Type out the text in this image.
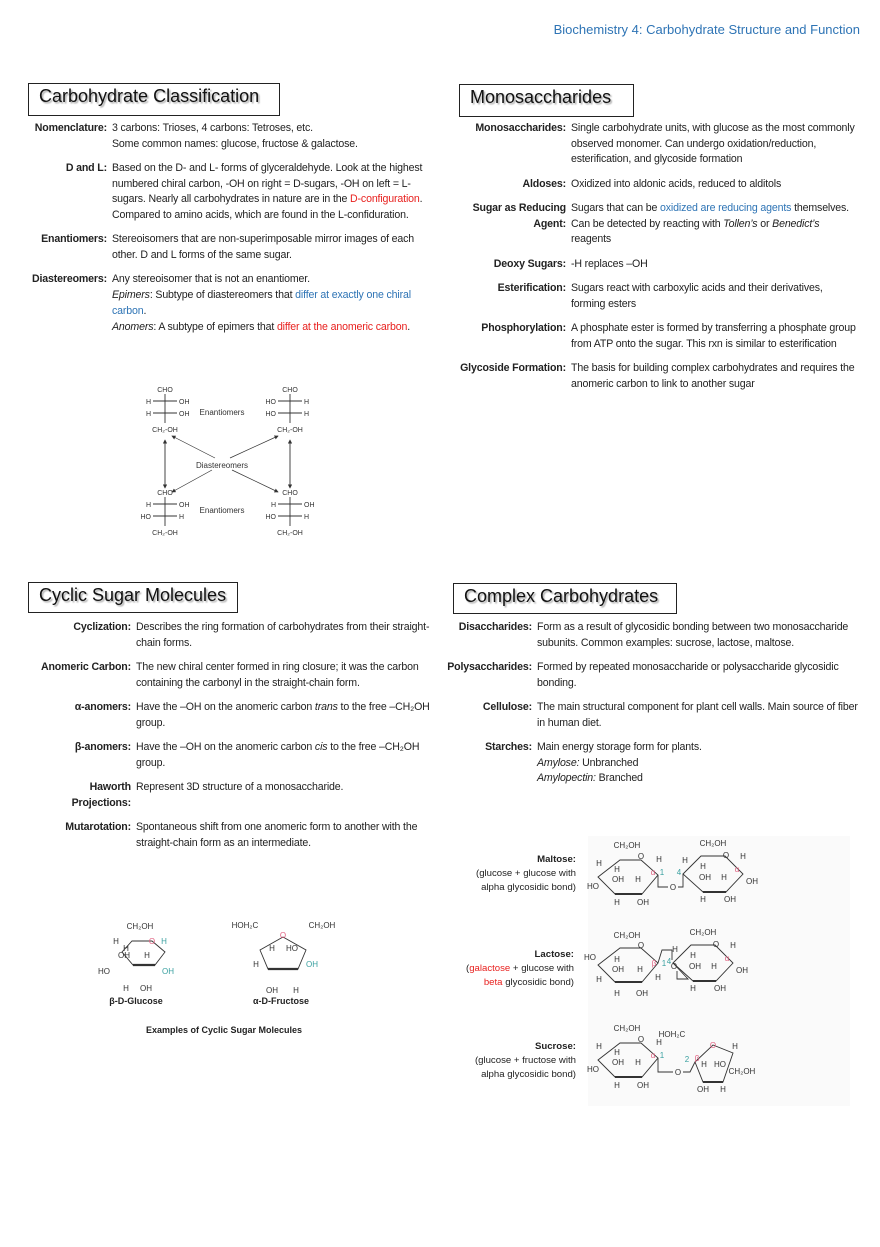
Biochemistry 4: Carbohydrate Structure and Function
Carbohydrate Classification	Monosaccharides
Cyclic Sugar Molecules	Complex Carbohydrates
Nomenclature: 3 carbons: Trioses, 4 carbons: Tetroses, etc.
Some common names: glucose, fructose & galactose.
D and L: Based on the D- and L- forms of glyceraldehyde. Look at the highest numbered chiral carbon, -OH on right = D-sugars, -OH on left = L-sugars. Nearly all carbohydrates in nature are in the D-configuration. Compared to amino acids, which are found in the L-confiduration.
Enantiomers: Stereoisomers that are non-superimposable mirror images of each other. D and L forms of the same sugar.
Diastereomers: Any stereoisomer that is not an enantiomer.
Epimers: Subtype of diastereomers that differ at exactly one chiral carbon.
Anomers: A subtype of epimers that differ at the anomeric carbon.
Monosaccharides: Single carbohydrate units, with glucose as the most commonly observed monomer. Can undergo oxidation/reduction, esterification, and glycoside formation
Aldoses: Oxidized into aldonic acids, reduced to alditols
Sugar as Reducing
Agent:
Sugars that can be oxidized are reducing agents themselves. Can be detected by reacting with Tollen’s or Benedict’s reagents
Deoxy Sugars: -H replaces –OH
Esterification: Sugars react with carboxylic acids and their derivatives, forming esters
Phosphorylation: A phosphate ester is formed by transferring a phosphate group from ATP onto the sugar. This rxn is similar to esterification
Glycoside Formation: The basis for building complex carbohydrates and requires the anomeric carbon to link to another sugar
Cyclization: Describes the ring formation of carbohydrates from their straight-chain forms.
Anomeric Carbon: The new chiral center formed in ring closure; it was the carbon containing the carbonyl in the straight-chain form.
α-anomers: Have the –OH on the anomeric carbon trans to the free –CH₂OH group.
β-anomers: Have the –OH on the anomeric carbon cis to the free –CH₂OH group.
Haworth
Projections:
Represent 3D structure of a monosaccharide.
Mutarotation: Spontaneous shift from one anomeric form to another with the straight-chain form as an intermediate.
Disaccharides: Form as a result of glycosidic bonding between two monosaccharide subunits. Common examples: sucrose, lactose, maltose.
Polysaccharides: Formed by repeated monosaccharide or polysaccharide glycosidic bonding.
Cellulose: The main structural component for plant cell walls. Main source of fiber in human diet.
Starches: Main energy storage form for plants.
Amylose: Unbranched
Amylopectin: Branched
Maltose:
(glucose + glucose with
alpha glycosidic bond)
Lactose:
(galactose + glucose with
beta glycosidic bond)
Sucrose:
(glucose + fructose with
alpha glycosidic bond)
CHO
H	OH
H	OH
CH₂-OH
CHO
HO	H
HO	H
CH₂-OH
CHO
H	OH
HO	H
CH₂-OH
CHO
H	OH
HO	H
CH₂-OH
CH₂OH
O H
H
H
OH H
HO	OH
H OH
HOH₂C	CH₂OH
O
H HO
H	OH
OH H
CH₂OH
O H
H
H	α 1
OH H
HO
H OH
O
CH₂OH
O H
H
H
4	α
OH H OH
H OH
CH₂OH
O
HO H	β 1
OH H
H	H
H OH
O
CH₂OH
O H
H
H
4	α
OH H OH
H OH
CH₂OH
O H
H
H	α 1
OH H
HO
H OH
O
HOH₂C
O H
2 β
H HO
CH₂OH
OH H
Enantiomers
Diastereomers
Enantiomers
β-D-Glucose	α-D-Fructose
Examples of Cyclic Sugar Molecules
